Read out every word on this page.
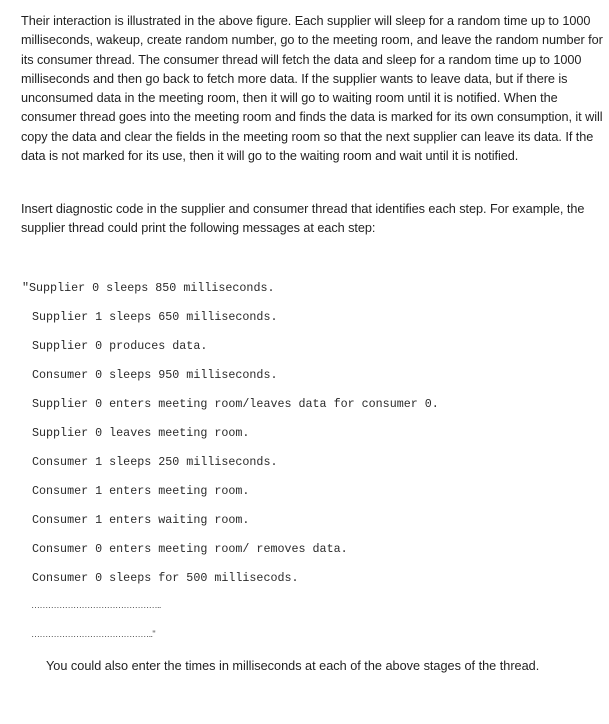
Their interaction is illustrated in the above figure. Each supplier will sleep for a random time up to 1000 milliseconds, wakeup, create random number, go to the meeting room, and leave the random number for its consumer thread. The consumer thread will fetch the data and sleep for a random time up to 1000 milliseconds and then go back to fetch more data. If the supplier wants to leave data, but if there is unconsumed data in the meeting room, then it will go to waiting room until it is notified. When the consumer thread goes into the meeting room and finds the data is marked for its own consumption, it will copy the data and clear the fields in the meeting room so that the next supplier can leave its data. If the data is not marked for its use, then it will go to the waiting room and wait until it is notified.
Insert diagnostic code in the supplier and consumer thread that identifies each step. For example, the supplier thread could print the following messages at each step:
"Supplier 0 sleeps 850 milliseconds.
Supplier 1 sleeps 650 milliseconds.
Supplier 0 produces data.
Consumer 0 sleeps 950 milliseconds.
Supplier 0 enters meeting room/leaves data for consumer 0.
Supplier 0 leaves meeting room.
Consumer 1 sleeps 250 milliseconds.
Consumer 1 enters meeting room.
Consumer 1 enters waiting room.
Consumer 0 enters meeting room/ removes data.
Consumer 0 sleeps for 500 millisecods.
………………………………………..
…………………………………….."
You could also enter the times in milliseconds at each of the above stages of the thread.
